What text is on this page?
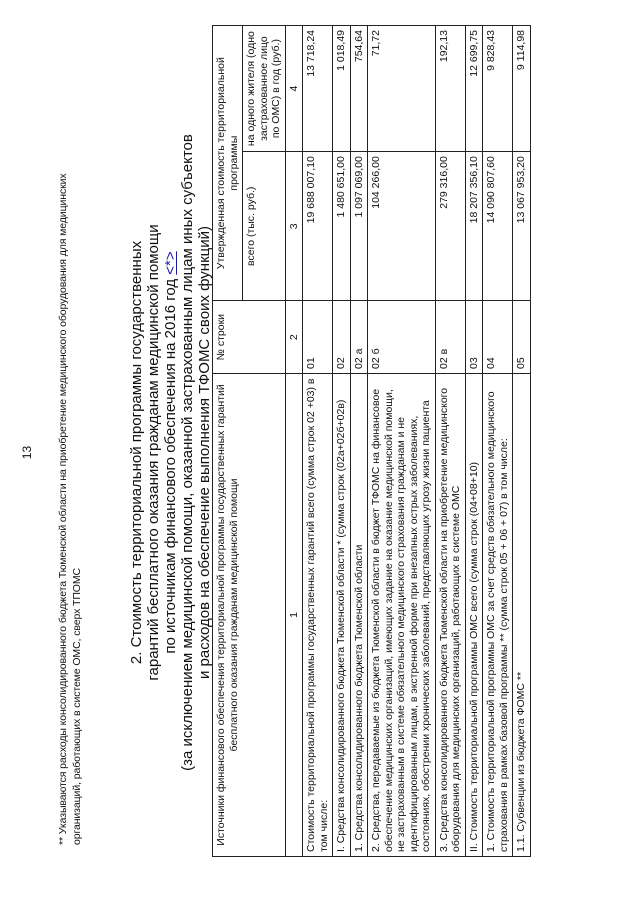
** Указываются расходы консолидированного бюджета Тюменской области на приобретение медицинского оборудования для медицинских организаций, работающих в системе ОМС, сверх ТПОМС
2. Стоимость территориальной программы государственных гарантий бесплатного оказания гражданам медицинской помощи по источникам финансового обеспечения на 2016 год <*> (за исключением медицинской помощи, оказанной застрахованным лицам иных субъектов и расходов на обеспечение выполнения ТФОМС своих функций)
13	Источники финансового обеспечения территориальной программы государственных гарантий бесплатного оказания гражданам медицинской помощи	№ строки	Утвержденная стоимость территориальной программы	
		всего (тыс. руб.)	на одного жителя (одно застрахованное лицо по ОМС) в год (руб.)
1	2	3	4
Стоимость территориальной программы государственных гарантий всего (сумма строк 02 +03) в том числе:	01	19 688 007,10	13 718,24
I. Средства консолидированного бюджета Тюменской области * (сумма строк (02а+02б+02в)	02	1 480 651,00	1 018,49
1. Средства консолидированного бюджета Тюменской области	02 а	1 097 069,00	754,64
2. Средства, передаваемые из бюджета Тюменской области в бюджет ТФОМС на финансовое обеспечение медицинских организаций, имеющих задание на оказание медицинской помощи, не застрахованным в системе обязательного медицинского страхования гражданам и не идентифицированным лицам, в экстренной форме при внезапных острых заболеваниях, состояниях, обострении хронических заболеваний, представляющих угрозу жизни пациента	02 б	104 266,00	71,72
3. Средства консолидированного бюджета Тюменской области на приобретение медицинского оборудования для медицинских организаций, работающих в системе ОМС	02 в	279 316,00	192,13
II. Стоимость территориальной программы ОМС всего (сумма строк (04+08+10)	03	18 207 356,10	12 699,75
1. Стоимость территориальной программы ОМС за счет средств обязательного медицинского страхования в рамках базовой программы ** (сумма строк 05 + 06 + 07) в том числе:	04	14 090 807,60	9 828,43
1.1. Субвенции из бюджета ФОМС **	05	13 067 953,20	9 114,98
